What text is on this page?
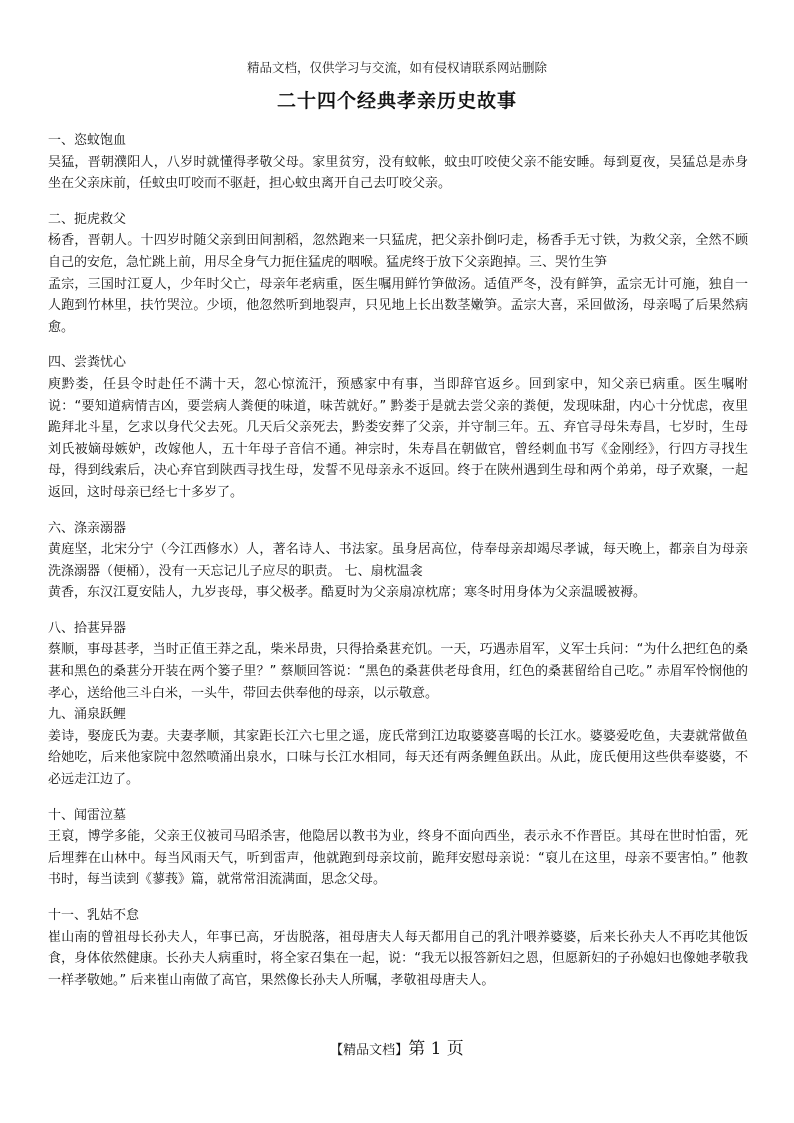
精品文档，仅供学习与交流，如有侵权请联系网站删除
二十四个经典孝亲历史故事
一、恣蚊饱血
吴猛，晋朝濮阳人，八岁时就懂得孝敬父母。家里贫穷，没有蚊帐，蚊虫叮咬使父亲不能安睡。每到夏夜，吴猛总是赤身坐在父亲床前，任蚊虫叮咬而不驱赶，担心蚊虫离开自己去叮咬父亲。
二、扼虎救父
杨香，晋朝人。十四岁时随父亲到田间割稻，忽然跑来一只猛虎，把父亲扑倒叼走，杨香手无寸铁，为救父亲，全然不顾自己的安危，急忙跳上前，用尽全身气力扼住猛虎的咽喉。猛虎终于放下父亲跑掉。三、哭竹生笋
孟宗，三国时江夏人，少年时父亡，母亲年老病重，医生嘱用鲜竹笋做汤。适值严冬，没有鲜笋，孟宗无计可施，独自一人跑到竹林里，扶竹哭泣。少顷，他忽然听到地裂声，只见地上长出数茎嫩笋。孟宗大喜，采回做汤，母亲喝了后果然病愈。
四、尝粪忧心
庾黔娄，任县令时赴任不满十天，忽心惊流汗，预感家中有事，当即辞官返乡。回到家中，知父亲已病重。医生嘱咐说：“要知道病情吉凶，要尝病人粪便的味道，味苦就好。” 黔娄于是就去尝父亲的粪便，发现味甜，内心十分忧虑，夜里跪拜北斗星，乞求以身代父去死。几天后父亲死去，黔娄安葬了父亲，并守制三年。五、弃官寻母朱寿昌，七岁时，生母刘氏被嫡母嫉妒，改嫁他人，五十年母子音信不通。神宗时，朱寿昌在朝做官，曾经刺血书写《金刚经》，行四方寻找生母，得到线索后，决心弃官到陕西寻找生母，发誓不见母亲永不返回。终于在陕州遇到生母和两个弟弟，母子欢聚，一起返回，这时母亲已经七十多岁了。
六、涤亲溺器
黄庭坚，北宋分宁（今江西修水）人，著名诗人、书法家。虽身居高位，侍奉母亲却竭尽孝诚，每天晚上，都亲自为母亲洗涤溺器（便桶），没有一天忘记儿子应尽的职责。 七、扇枕温衾
黄香，东汉江夏安陆人，九岁丧母，事父极孝。酷夏时为父亲扇凉枕席；寒冬时用身体为父亲温暖被褥。
八、拾葚异器
蔡顺，事母甚孝，当时正值王莽之乱，柴米昂贵，只得拾桑葚充饥。一天，巧遇赤眉军，义军士兵问：“为什么把红色的桑葚和黑色的桑葚分开装在两个篓子里？” 蔡顺回答说：“黑色的桑葚供老母食用，红色的桑葚留给自己吃。” 赤眉军怜悯他的孝心，送给他三斗白米，一头牛，带回去供奉他的母亲，以示敬意。
九、涌泉跃鲤
姜诗，娶庞氏为妻。夫妻孝顺，其家距长江六七里之遥，庞氏常到江边取婆婆喜喝的长江水。婆婆爱吃鱼，夫妻就常做鱼给她吃，后来他家院中忽然喷涌出泉水，口味与长江水相同，每天还有两条鲤鱼跃出。从此，庞氏便用这些供奉婆婆，不必远走江边了。
十、闻雷泣墓
王裒，博学多能，父亲王仪被司马昭杀害，他隐居以教书为业，终身不面向西坐，表示永不作晋臣。其母在世时怕雷，死后埋葬在山林中。每当风雨天气，听到雷声，他就跑到母亲坟前，跪拜安慰母亲说：“裒儿在这里，母亲不要害怕。” 他教书时，每当读到《蓼莪》篇，就常常泪流满面，思念父母。
十一、乳姑不怠
崔山南的曾祖母长孙夫人，年事已高，牙齿脱落，祖母唐夫人每天都用自己的乳汁喂养婆婆，后来长孙夫人不再吃其他饭食，身体依然健康。长孙夫人病重时，将全家召集在一起，说：“我无以报答新妇之恩，但愿新妇的子孙媳妇也像她孝敬我一样孝敬她。” 后来崔山南做了高官，果然像长孙夫人所嘱，孝敬祖母唐夫人。
【精品文档】第 1 页
